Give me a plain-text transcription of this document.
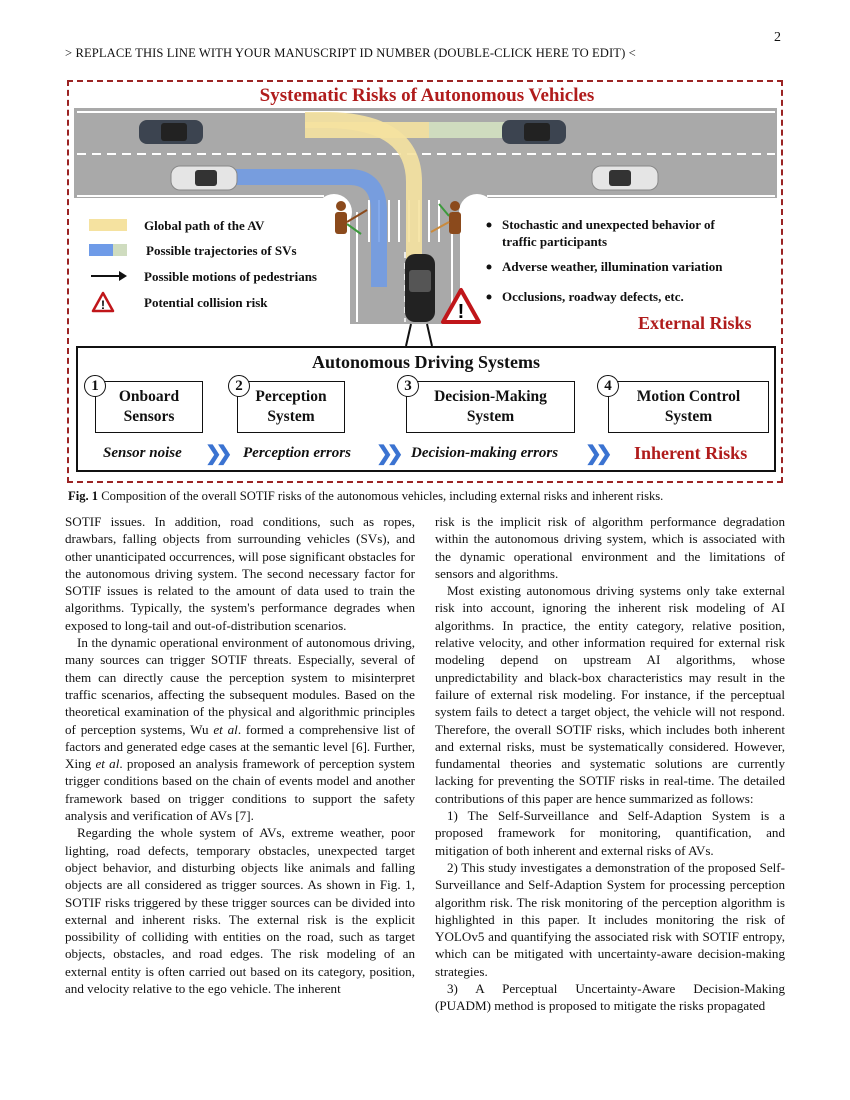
2
> REPLACE THIS LINE WITH YOUR MANUSCRIPT ID NUMBER (DOUBLE-CLICK HERE TO EDIT) <
!
!
Systematic Risks of Autonomous Vehicles
Global path of the AV
Possible trajectories of SVs
Possible motions of pedestrians
Potential collision risk
Stochastic and unexpected behavior of
traffic participants
Adverse weather, illumination variation
Occlusions, roadway defects, etc.
External Risks
Autonomous Driving Systems
Onboard
Sensors
Perception
System
Decision-Making
System
Motion Control
System
1	2	3	4
Sensor noise ❯❯ Perception errors ❯❯ Decision-making errors ❯❯ Inherent Risks
Fig. 1 Composition of the overall SOTIF risks of the autonomous vehicles, including external risks and inherent risks.

SOTIF issues. In addition, road conditions, such as ropes, drawbars, falling objects from surrounding vehicles (SVs), and other unanticipated occurrences, will pose significant obstacles for the autonomous driving system. The second necessary factor for SOTIF issues is related to the amount of data used to train the algorithms. Typically, the system's performance degrades when exposed to long-tail and out-of-distribution scenarios.

In the dynamic operational environment of autonomous driving, many sources can trigger SOTIF threats. Especially, several of them can directly cause the perception system to misinterpret traffic scenarios, affecting the subsequent modules. Based on the theoretical examination of the physical and algorithmic principles of perception systems, Wu et al. formed a comprehensive list of factors and generated edge cases at the semantic level [6]. Further, Xing et al. proposed an analysis framework of perception system trigger conditions based on the chain of events model and another framework based on trigger conditions to support the safety analysis and verification of AVs [7].

Regarding the whole system of AVs, extreme weather, poor lighting, road defects, temporary obstacles, unexpected target object behavior, and disturbing objects like animals and falling objects are all considered as trigger sources. As shown in Fig. 1, SOTIF risks triggered by these trigger sources can be divided into external and inherent risks. The external risk is the explicit possibility of colliding with entities on the road, such as target objects, obstacles, and road edges. The risk modeling of an external entity is often carried out based on its category, position, and velocity relative to the ego vehicle. The inherent

risk is the implicit risk of algorithm performance degradation within the autonomous driving system, which is associated with the dynamic operational environment and the limitations of sensors and algorithms.

Most existing autonomous driving systems only take external risk into account, ignoring the inherent risk modeling of AI algorithms. In practice, the entity category, relative position, relative velocity, and other information required for external risk modeling depend on upstream AI algorithms, whose unpredictability and black-box characteristics may result in the failure of external risk modeling. For instance, if the perceptual system fails to detect a target object, the vehicle will not respond. Therefore, the overall SOTIF risks, which includes both inherent and external risks, must be systematically considered. However, fundamental theories and systematic solutions are currently lacking for preventing the SOTIF risks in real-time. The detailed contributions of this paper are hence summarized as follows:

1) The Self-Surveillance and Self-Adaption System is a proposed framework for monitoring, quantification, and mitigation of both inherent and external risks of AVs.

2) This study investigates a demonstration of the proposed Self-Surveillance and Self-Adaption System for processing perception algorithm risk. The risk monitoring of the perception algorithm is highlighted in this paper. It includes monitoring the risk of YOLOv5 and quantifying the associated risk with SOTIF entropy, which can be mitigated with uncertainty-aware decision-making strategies.

3) A Perceptual Uncertainty-Aware Decision-Making (PUADM) method is proposed to mitigate the risks propagated
